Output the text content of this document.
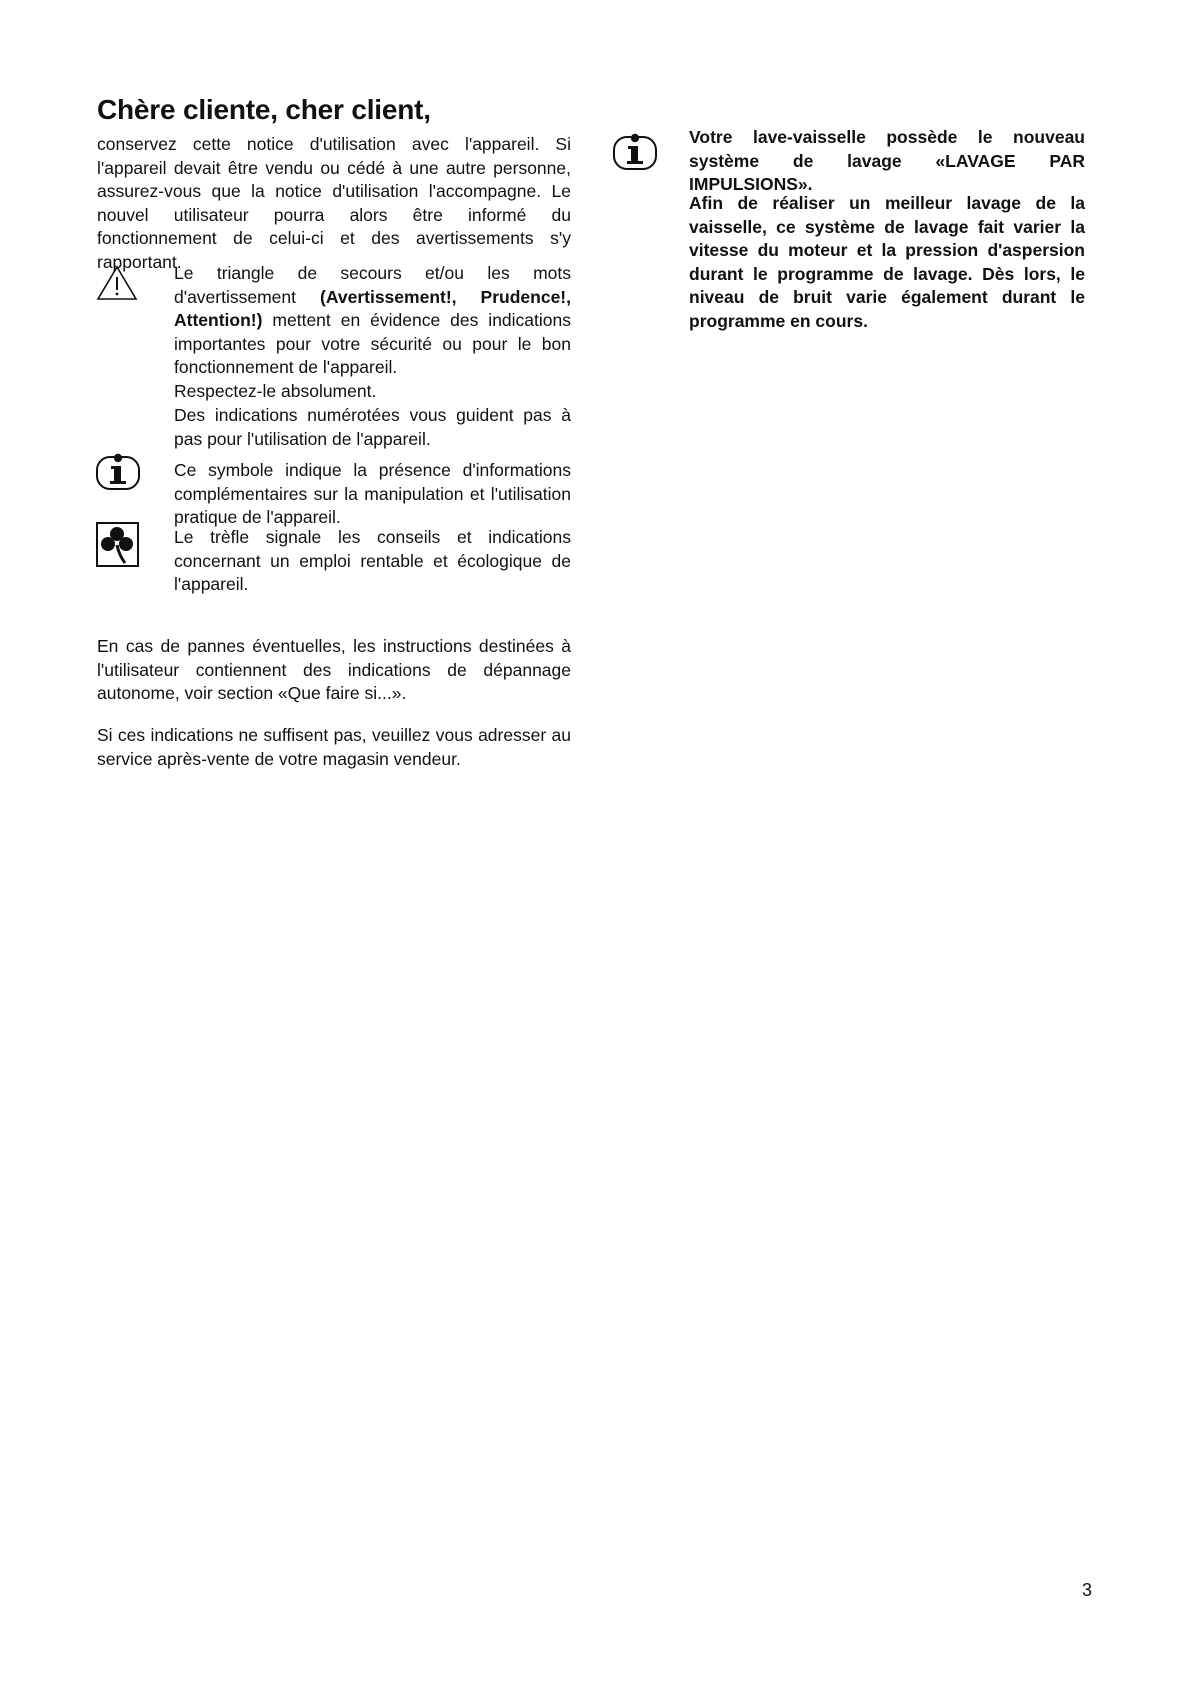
Chère cliente, cher client,

conservez cette notice d'utilisation avec l'appareil. Si l'appareil devait être vendu ou cédé à une autre personne, assurez-vous que la notice d'utilisation l'accompagne. Le nouvel utilisateur pourra alors être informé du fonctionnement de celui-ci et des avertissements s'y rapportant.

Le triangle de secours et/ou les mots d'avertissement (Avertissement!, Prudence!, Attention!) mettent en évidence des indications importantes pour votre sécurité ou pour le bon fonctionnement de l'appareil.

Respectez-le absolument.

Des indications numérotées vous guident pas à pas pour l'utilisation de l'appareil.

Ce symbole indique la présence d'informations complémentaires sur la manipulation et l'utilisation pratique de l'appareil.

Le trèfle signale les conseils et indications concernant un emploi rentable et écologique de l'appareil.

En cas de pannes éventuelles, les instructions destinées à l'utilisateur contiennent des indications de dépannage autonome, voir section «Que faire si...».

Si ces indications ne suffisent pas, veuillez vous adresser au service après-vente de votre magasin vendeur.

Votre lave-vaisselle possède le nouveau système de lavage «LAVAGE PAR IMPULSIONS».

Afin de réaliser un meilleur lavage de la vaisselle, ce système de lavage fait varier la vitesse du moteur et la pression d'aspersion durant le programme de lavage. Dès lors, le niveau de bruit varie également durant le programme en cours.

3
